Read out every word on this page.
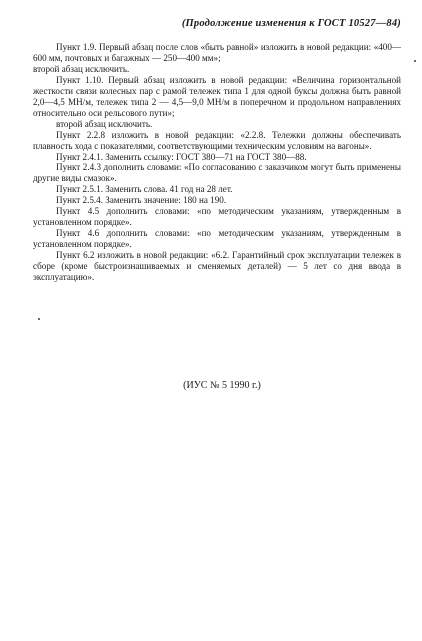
(Продолжение изменения к ГОСТ 10527—84)

Пункт 1.9. Первый абзац после слов «быть равной» изложить в новой редакции: «400—600 мм, почтовых и багажных — 250—400 мм»;

второй абзац исключить.

Пункт 1.10. Первый абзац изложить в новой редакции: «Величина горизонтальной жесткости связи колесных пар с рамой тележек типа 1 для одной буксы должна быть равной 2,0—4,5 МН/м, тележек типа 2 — 4,5—9,0 МН/м в поперечном и продольном направлениях относительно оси рельсового пути»;

второй абзац исключить.

Пункт 2.2.8 изложить в новой редакции: «2.2.8. Тележки должны обеспечивать плавность хода с показателями, соответствующими техническим условиям на вагоны».

Пункт 2.4.1. Заменить ссылку: ГОСТ 380—71 на ГОСТ 380—88.

Пункт 2.4.3 дополнить словами: «По согласованию с заказчиком могут быть применены другие виды смазок».

Пункт 2.5.1. Заменить слова. 41 год на 28 лет.

Пункт 2.5.4. Заменить значение: 180 на 190.

Пункт 4.5 дополнить словами: «по методическим указаниям, утвержденным в установленном порядке».

Пункт 4.6 дополнить словами: «по методическим указаниям, утвержденным в установленном порядке».

Пункт 6.2 изложить в новой редакции: «6.2. Гарантийный срок эксплуатации тележек в сборе (кроме быстроизнашиваемых и сменяемых деталей) — 5 лет со дня ввода в эксплуатацию».

(ИУС № 5 1990 г.)
